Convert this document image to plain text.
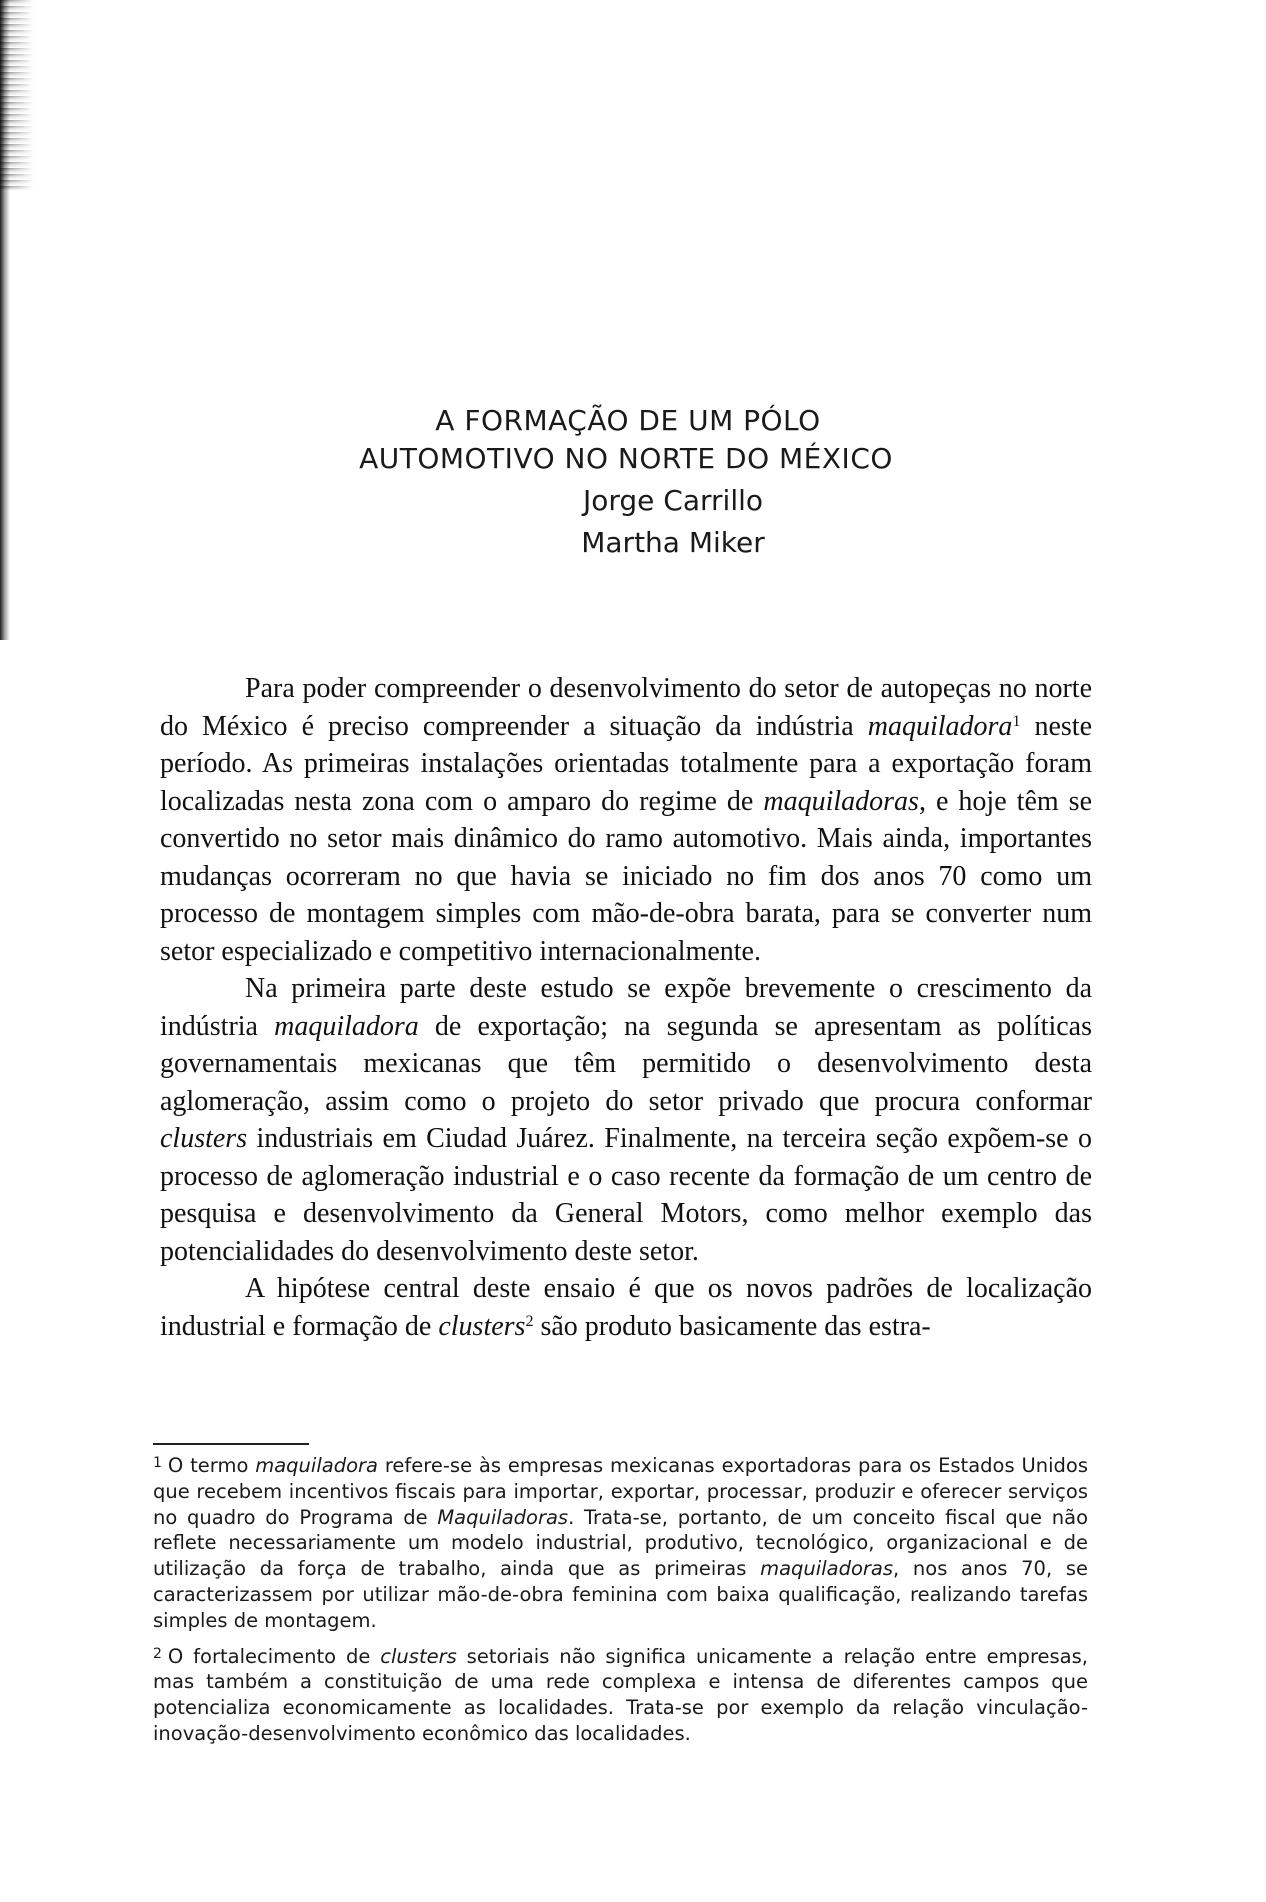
A FORMAÇÃO DE UM PÓLO
AUTOMOTIVO NO NORTE DO MÉXICO
Jorge Carrillo
Martha Miker

Para poder compreender o desenvolvimento do setor de autopeças no norte do México é preciso compreender a situação da indústria maquiladora$^1$ neste período. As primeiras instalações orientadas totalmente para a exportação foram localizadas nesta zona com o amparo do regime de maquiladoras, e hoje têm se convertido no setor mais dinâmico do ramo automotivo. Mais ainda, importantes mudanças ocorreram no que havia se iniciado no fim dos anos 70 como um processo de montagem simples com mão-de-obra barata, para se converter num setor especializado e competitivo internacionalmente.

Na primeira parte deste estudo se expõe brevemente o crescimento da indústria maquiladora de exportação; na segunda se apresentam as políticas governamentais mexicanas que têm permitido o desenvolvimento desta aglomeração, assim como o projeto do setor privado que procura conformar clusters industriais em Ciudad Juárez. Finalmente, na terceira seção expõem-se o processo de aglomeração industrial e o caso recente da formação de um centro de pesquisa e desenvolvimento da General Motors, como melhor exemplo das potencialidades do desenvolvimento deste setor.

A hipótese central deste ensaio é que os novos padrões de localização industrial e formação de clusters$^2$ são produto basicamente das estra-

$^1$ O termo maquiladora refere-se às empresas mexicanas exportadoras para os Estados Unidos que recebem incentivos fiscais para importar, exportar, processar, produzir e oferecer serviços no quadro do Programa de Maquiladoras. Trata-se, portanto, de um conceito fiscal que não reflete necessariamente um modelo industrial, produtivo, tecnológico, organizacional e de utilização da força de trabalho, ainda que as primeiras maquiladoras, nos anos 70, se caracterizassem por utilizar mão-de-obra feminina com baixa qualificação, realizando tarefas simples de montagem.

$^2$ O fortalecimento de clusters setoriais não significa unicamente a relação entre empresas, mas também a constituição de uma rede complexa e intensa de diferentes campos que potencializa economicamente as localidades. Trata-se por exemplo da relação vinculação-inovação-desenvolvimento econômico das localidades.
